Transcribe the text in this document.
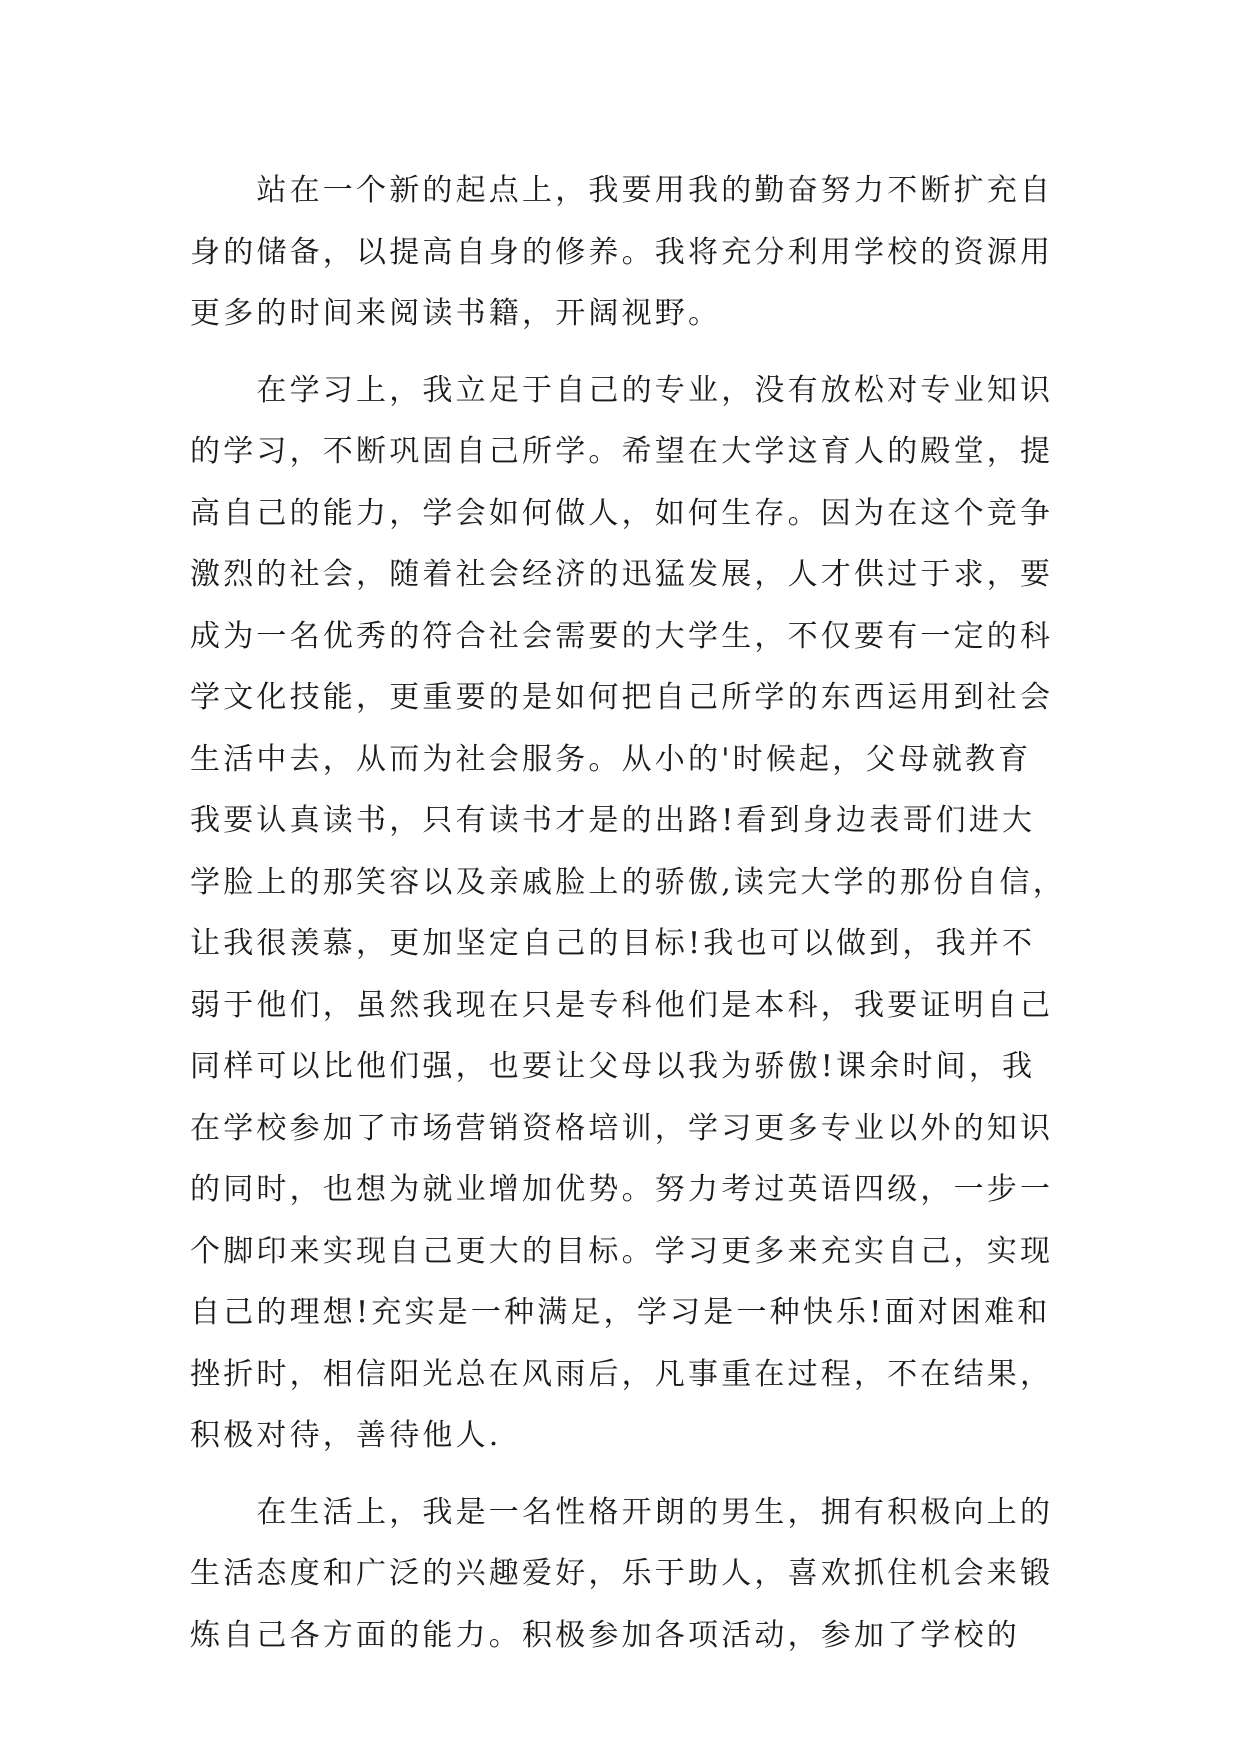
　　站在一个新的起点上，我要用我的勤奋努力不断扩充自
身的储备，以提高自身的修养。我将充分利用学校的资源用
更多的时间来阅读书籍，开阔视野。
　　在学习上，我立足于自己的专业，没有放松对专业知识
的学习，不断巩固自己所学。希望在大学这育人的殿堂，提
高自己的能力，学会如何做人，如何生存。因为在这个竞争
激烈的社会，随着社会经济的迅猛发展，人才供过于求，要
成为一名优秀的符合社会需要的大学生，不仅要有一定的科
学文化技能，更重要的是如何把自己所学的东西运用到社会
生活中去，从而为社会服务。从小的'时候起，父母就教育
我要认真读书，只有读书才是的出路!看到身边表哥们进大
学脸上的那笑容以及亲戚脸上的骄傲,读完大学的那份自信，
让我很羡慕，更加坚定自己的目标!我也可以做到，我并不
弱于他们，虽然我现在只是专科他们是本科，我要证明自己
同样可以比他们强，也要让父母以我为骄傲!课余时间，我
在学校参加了市场营销资格培训，学习更多专业以外的知识
的同时，也想为就业增加优势。努力考过英语四级，一步一
个脚印来实现自己更大的目标。学习更多来充实自己，实现
自己的理想!充实是一种满足，学习是一种快乐!面对困难和
挫折时，相信阳光总在风雨后，凡事重在过程，不在结果，
积极对待，善待他人.
　　在生活上，我是一名性格开朗的男生，拥有积极向上的
生活态度和广泛的兴趣爱好，乐于助人，喜欢抓住机会来锻
炼自己各方面的能力。积极参加各项活动，参加了学校的
